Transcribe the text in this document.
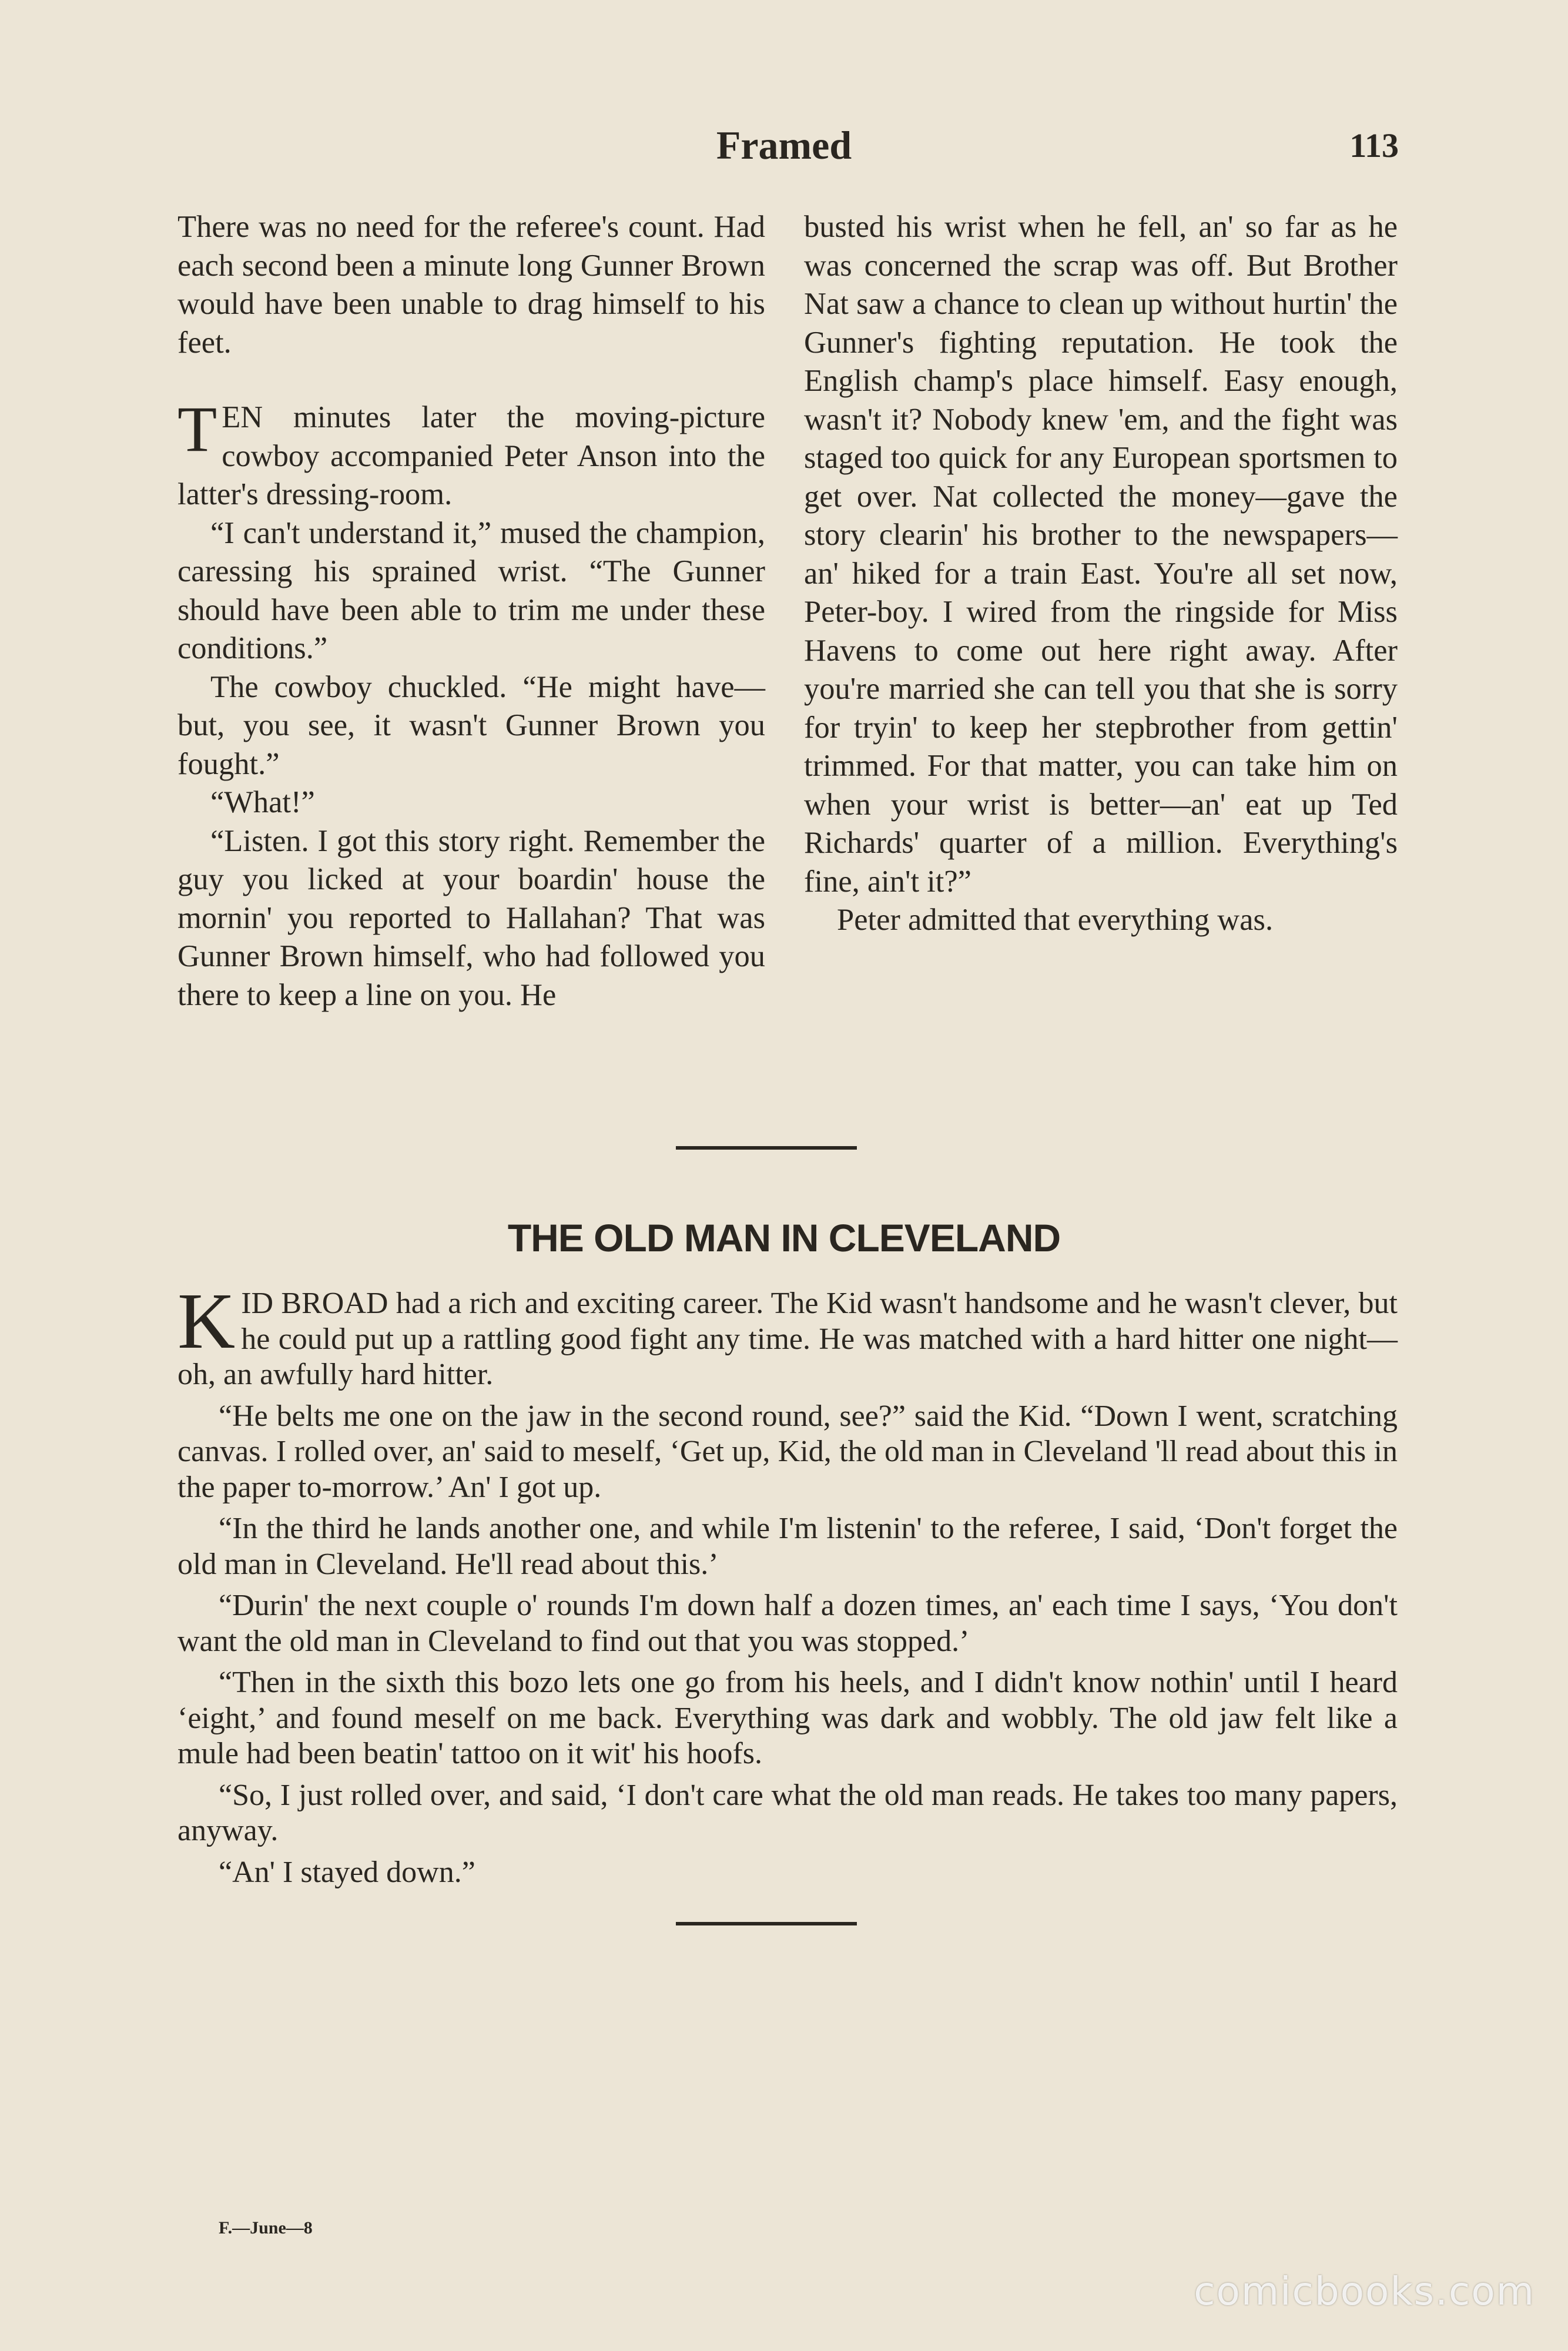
Framed	113

There was no need for the referee's count. Had each second been a minute long Gunner Brown would have been unable to drag himself to his feet.

TEN minutes later the moving-picture cowboy accompanied Peter Anson into the latter's dressing-room.

“I can't understand it,” mused the champion, caressing his sprained wrist. “The Gunner should have been able to trim me under these conditions.”

The cowboy chuckled. “He might have—but, you see, it wasn't Gunner Brown you fought.”

“What!”

“Listen. I got this story right. Remember the guy you licked at your boardin' house the mornin' you reported to Hallahan? That was Gunner Brown himself, who had followed you there to keep a line on you. He

busted his wrist when he fell, an' so far as he was concerned the scrap was off. But Brother Nat saw a chance to clean up without hurtin' the Gunner's fighting reputation. He took the English champ's place himself. Easy enough, wasn't it? Nobody knew 'em, and the fight was staged too quick for any European sportsmen to get over. Nat collected the money—gave the story clearin' his brother to the newspapers—an' hiked for a train East. You're all set now, Peter-boy. I wired from the ringside for Miss Havens to come out here right away. After you're married she can tell you that she is sorry for tryin' to keep her stepbrother from gettin' trimmed. For that matter, you can take him on when your wrist is better—an' eat up Ted Richards' quarter of a million. Everything's fine, ain't it?”

Peter admitted that everything was.

THE OLD MAN IN CLEVELAND

KID BROAD had a rich and exciting career. The Kid wasn't handsome and he wasn't clever, but he could put up a rattling good fight any time. He was matched with a hard hitter one night—oh, an awfully hard hitter.

“He belts me one on the jaw in the second round, see?” said the Kid. “Down I went, scratching canvas. I rolled over, an' said to meself, ‘Get up, Kid, the old man in Cleveland 'll read about this in the paper to-morrow.’ An' I got up.

“In the third he lands another one, and while I'm listenin' to the referee, I said, ‘Don't forget the old man in Cleveland. He'll read about this.’

“Durin' the next couple o' rounds I'm down half a dozen times, an' each time I says, ‘You don't want the old man in Cleveland to find out that you was stopped.’

“Then in the sixth this bozo lets one go from his heels, and I didn't know nothin' until I heard ‘eight,’ and found meself on me back. Everything was dark and wobbly. The old jaw felt like a mule had been beatin' tattoo on it wit' his hoofs.

“So, I just rolled over, and said, ‘I don't care what the old man reads. He takes too many papers, anyway.

“An' I stayed down.”

F.—June—8
comicbooks.com
